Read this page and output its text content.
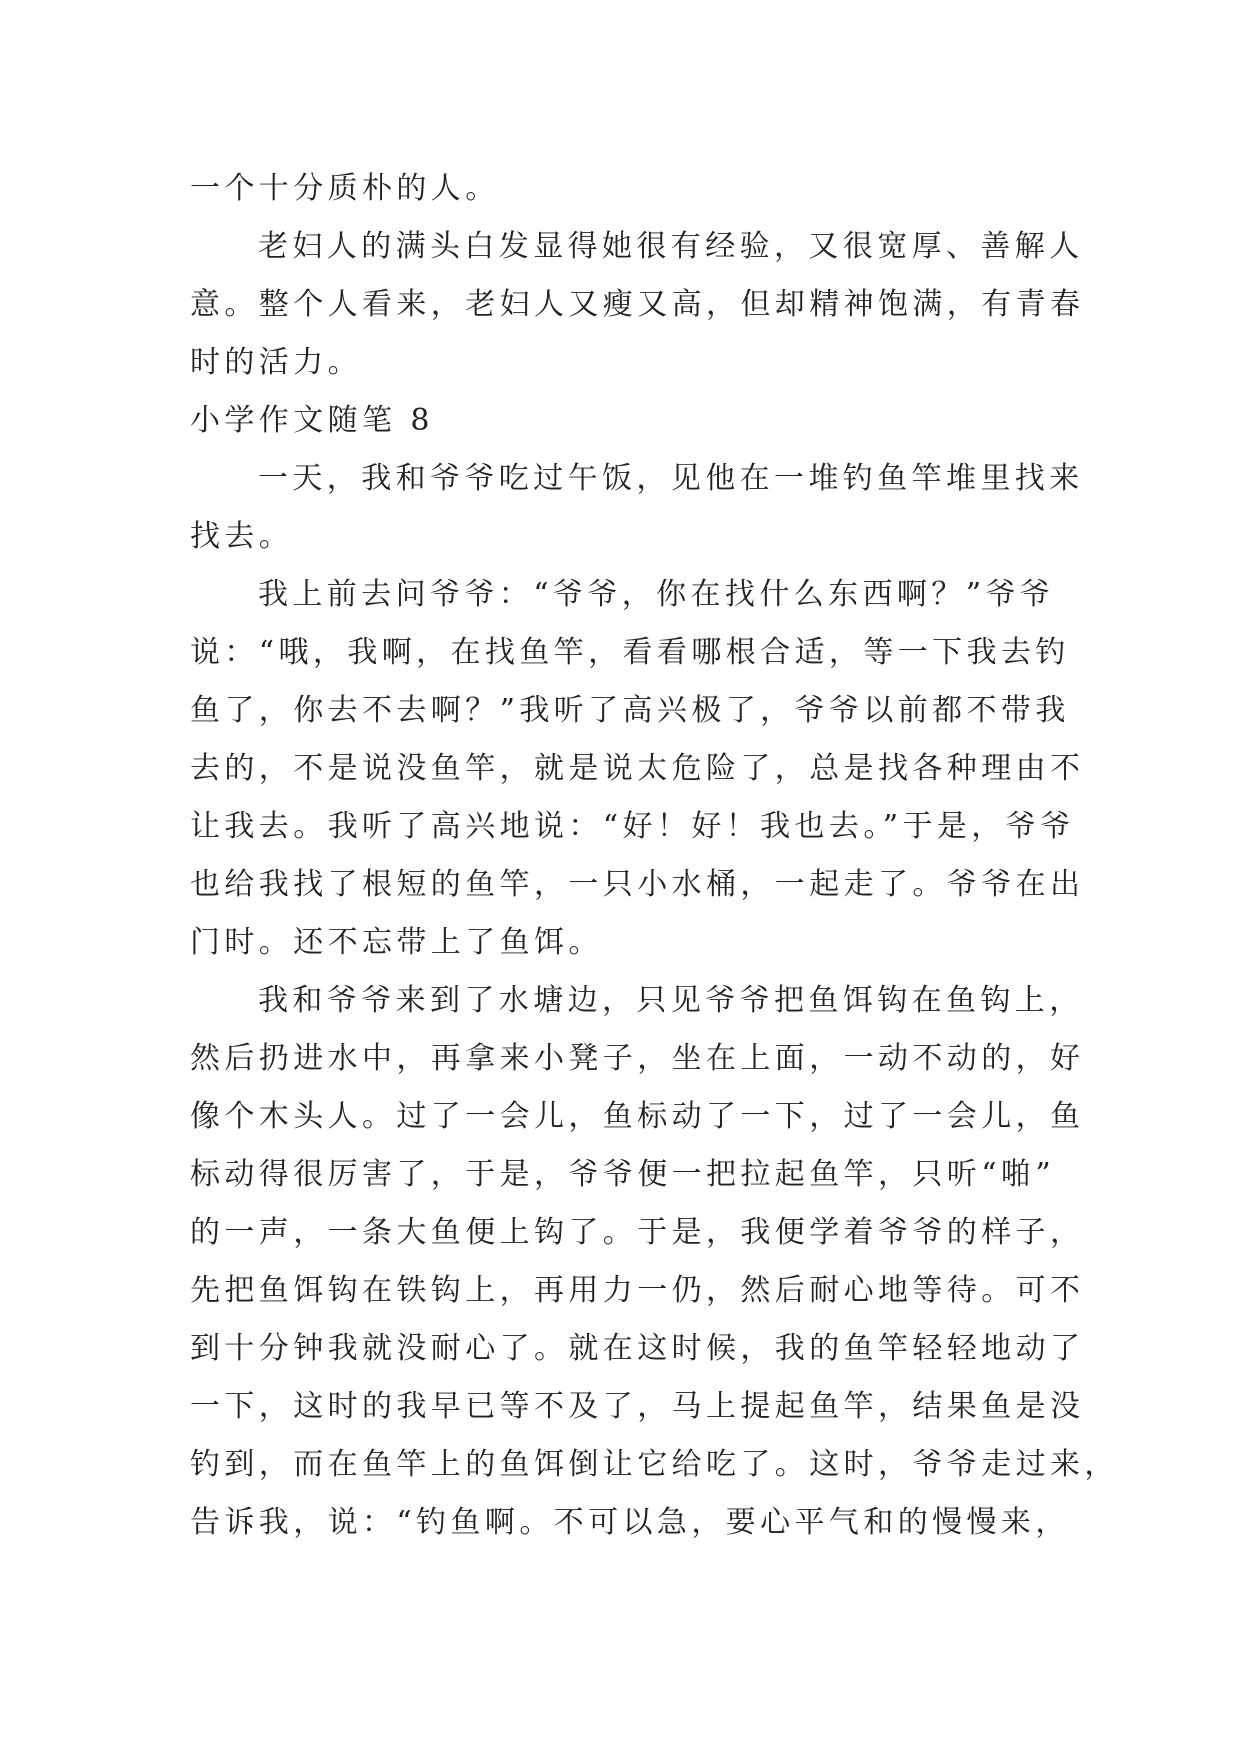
一个十分质朴的人。
老妇人的满头白发显得她很有经验，又很宽厚、善解人
意。整个人看来，老妇人又瘦又高，但却精神饱满，有青春
时的活力。
小学作文随笔 8
一天，我和爷爷吃过午饭，见他在一堆钓鱼竿堆里找来
找去。
我上前去问爷爷：“爷爷，你在找什么东西啊？”爷爷
说：“哦，我啊，在找鱼竿，看看哪根合适，等一下我去钓
鱼了，你去不去啊？”我听了高兴极了，爷爷以前都不带我
去的，不是说没鱼竿，就是说太危险了，总是找各种理由不
让我去。我听了高兴地说：“好！好！我也去。”于是，爷爷
也给我找了根短的鱼竿，一只小水桶，一起走了。爷爷在出
门时。还不忘带上了鱼饵。
我和爷爷来到了水塘边，只见爷爷把鱼饵钩在鱼钩上，
然后扔进水中，再拿来小凳子，坐在上面，一动不动的，好
像个木头人。过了一会儿，鱼标动了一下，过了一会儿，鱼
标动得很厉害了，于是，爷爷便一把拉起鱼竿，只听“啪”
的一声，一条大鱼便上钩了。于是，我便学着爷爷的样子，
先把鱼饵钩在铁钩上，再用力一仍，然后耐心地等待。可不
到十分钟我就没耐心了。就在这时候，我的鱼竿轻轻地动了
一下，这时的我早已等不及了，马上提起鱼竿，结果鱼是没
钓到，而在鱼竿上的鱼饵倒让它给吃了。这时，爷爷走过来，
告诉我，说：“钓鱼啊。不可以急，要心平气和的慢慢来，
